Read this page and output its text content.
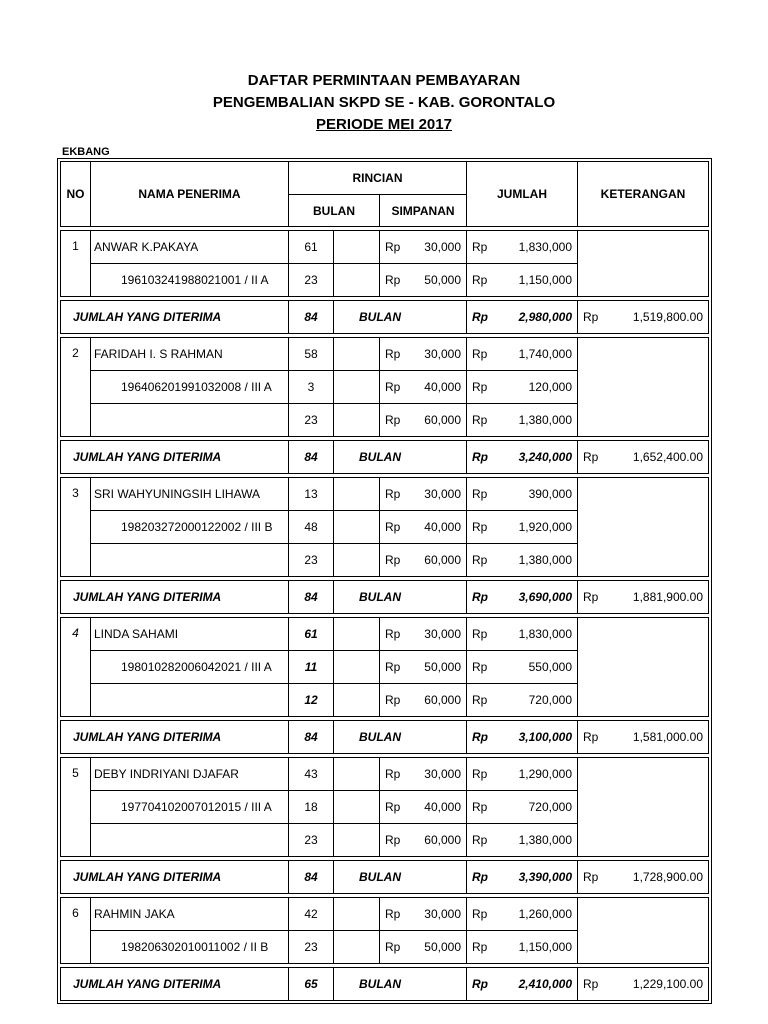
DAFTAR PERMINTAAN PEMBAYARAN
PENGEMBALIAN SKPD SE - KAB. GORONTALO
PERIODE MEI 2017
EKBANG
NO	NAMA PENERIMA	RINCIAN			JUMLAH	KETERANGAN
		BULAN		SIMPANAN		

1	ANWAR K.PAKAYA	61		Rp 30,000	Rp 1,830,000	

	196103241988021001 / II A	23		Rp 50,000	Rp 1,150,000	

JUMLAH YANG DITERIMA		84	BULAN		Rp 2,980,000	Rp 1,519,800.00

2	FARIDAH I. S RAHMAN	58		Rp 30,000	Rp 1,740,000	

	196406201991032008 / III A	3		Rp 40,000	Rp 120,000	

		23		Rp 60,000	Rp 1,380,000	

JUMLAH YANG DITERIMA		84	BULAN		Rp 3,240,000	Rp 1,652,400.00

3	SRI WAHYUNINGSIH LIHAWA	13		Rp 30,000	Rp 390,000	

	198203272000122002 / III B	48		Rp 40,000	Rp 1,920,000	

		23		Rp 60,000	Rp 1,380,000	

JUMLAH YANG DITERIMA		84	BULAN		Rp 3,690,000	Rp 1,881,900.00

4	LINDA SAHAMI	61		Rp 30,000	Rp 1,830,000	

	198010282006042021 / III A	11		Rp 50,000	Rp 550,000	

		12		Rp 60,000	Rp 720,000	

JUMLAH YANG DITERIMA		84	BULAN		Rp 3,100,000	Rp 1,581,000.00

5	DEBY INDRIYANI DJAFAR	43		Rp 30,000	Rp 1,290,000	

	197704102007012015 / III A	18		Rp 40,000	Rp 720,000	

		23		Rp 60,000	Rp 1,380,000	

JUMLAH YANG DITERIMA		84	BULAN		Rp 3,390,000	Rp 1,728,900.00

6	RAHMIN JAKA	42		Rp 30,000	Rp 1,260,000	

	198206302010011002 / II B	23		Rp 50,000	Rp 1,150,000	

JUMLAH YANG DITERIMA		65	BULAN		Rp 2,410,000	Rp 1,229,100.00
